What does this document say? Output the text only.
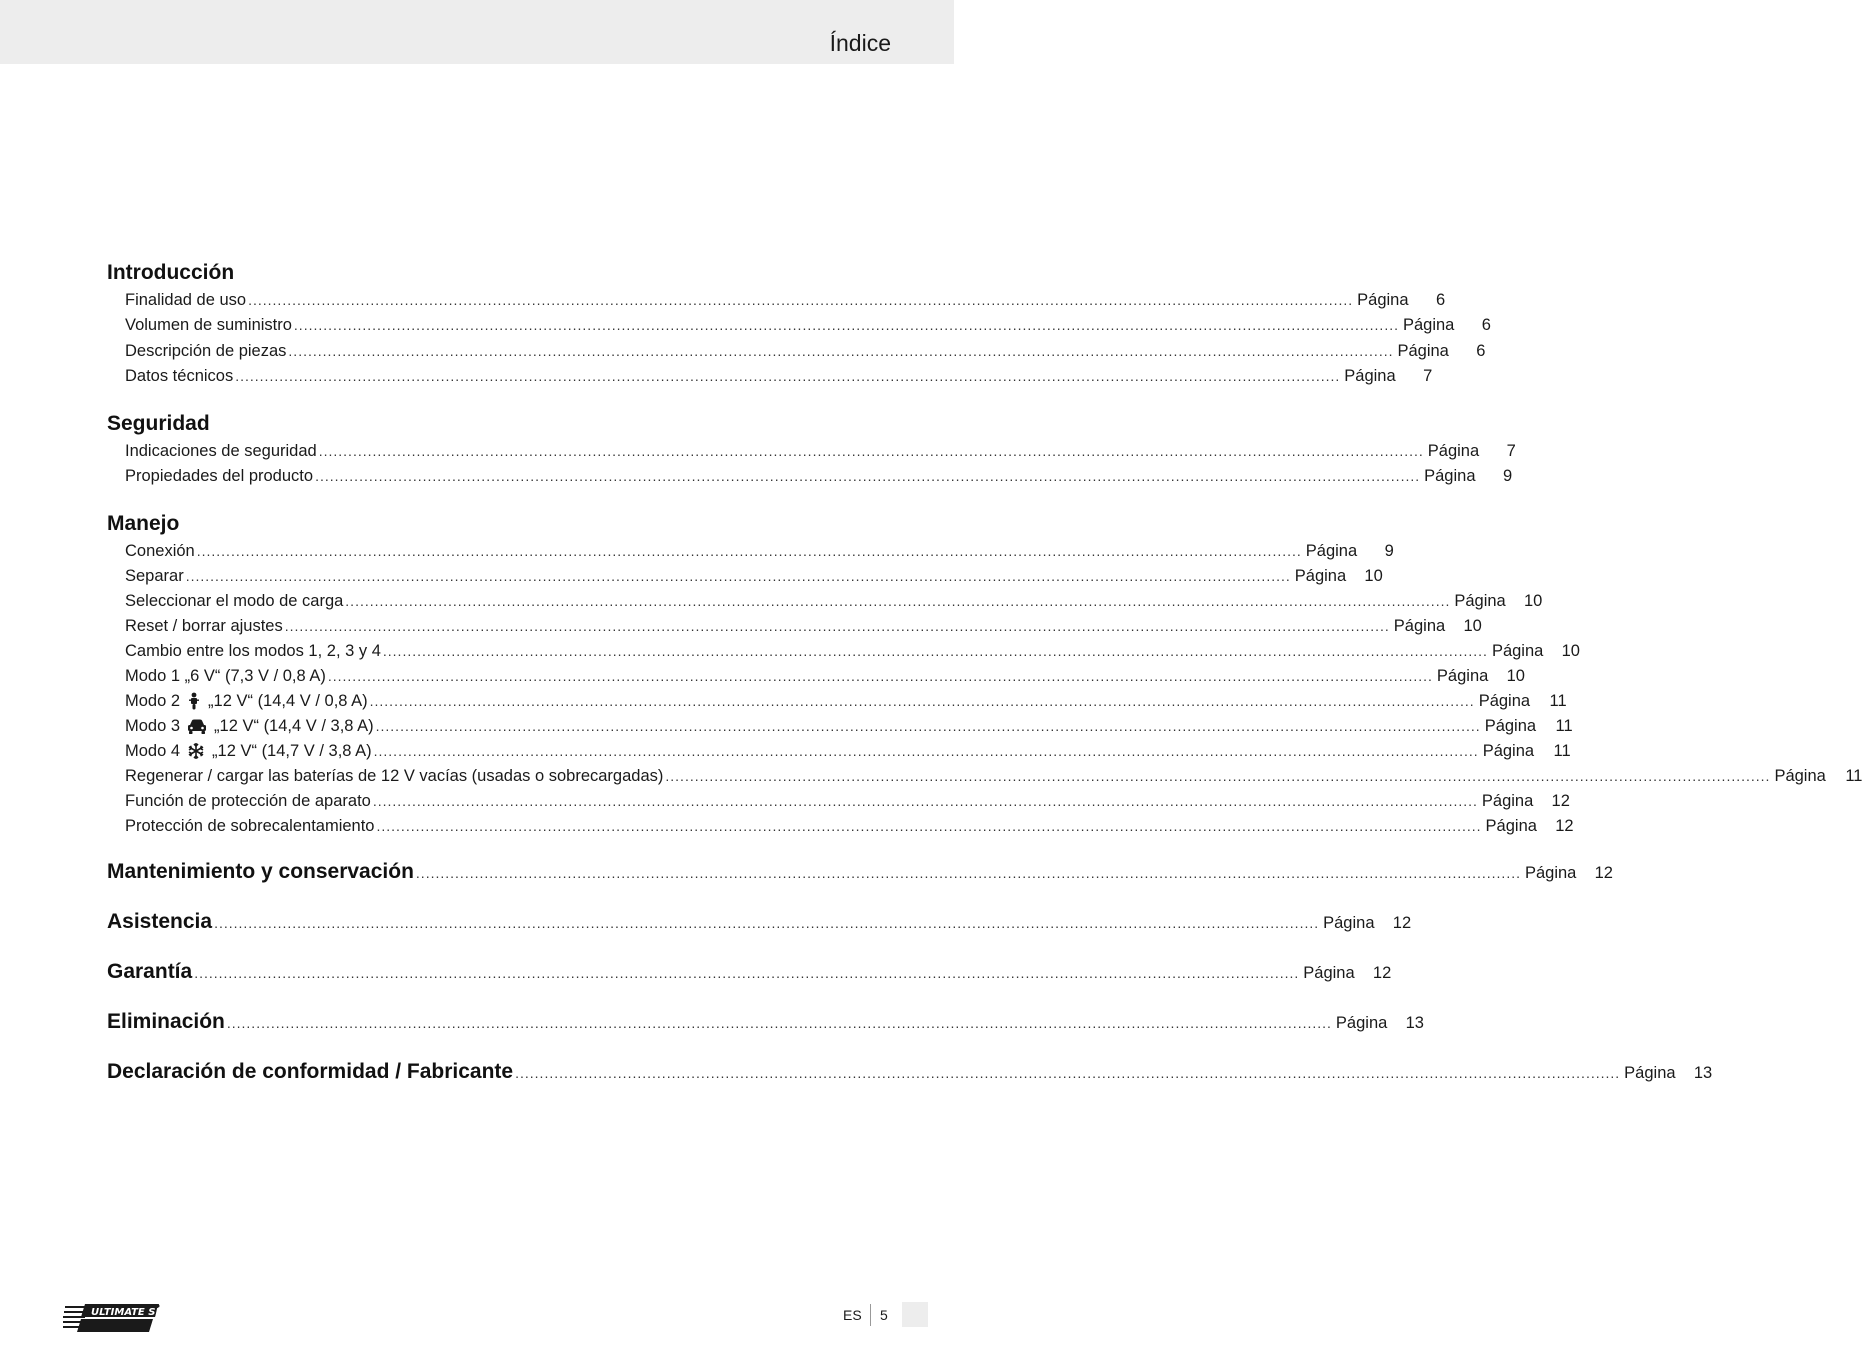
Índice
Introducción
Finalidad de uso .....	Página	6
Volumen de suministro .....	Página	6
Descripción de piezas .....	Página	6
Datos técnicos .....	Página	7
Seguridad
Indicaciones de seguridad .....	Página	7
Propiedades del producto .....	Página	9
Manejo
Conexión .....	Página	9
Separar .....	Página	10
Seleccionar el modo de carga .....	Página	10
Reset / borrar ajustes .....	Página	10
Cambio entre los modos 1, 2, 3 y 4 .....	Página	10
Modo 1 „6 V“ (7,3 V / 0,8 A) .....	Página	10
Modo 2 „12 V“ (14,4 V / 0,8 A) .....	Página	11
Modo 3 „12 V“ (14,4 V / 3,8 A) .....	Página	11
Modo 4 „12 V“ (14,7 V / 3,8 A) .....	Página	11
Regenerar / cargar las baterías de 12 V vacías (usadas o sobrecargadas) .....	Página	11
Función de protección de aparato .....	Página	12
Protección de sobrecalentamiento .....	Página	12
Mantenimiento y conservación .....	Página	12
Asistencia .....	Página	12
Garantía .....	Página	12
Eliminación .....	Página	13
Declaración de conformidad / Fabricante .....	Página	13
ULTIMATE SPEED	ES 5
